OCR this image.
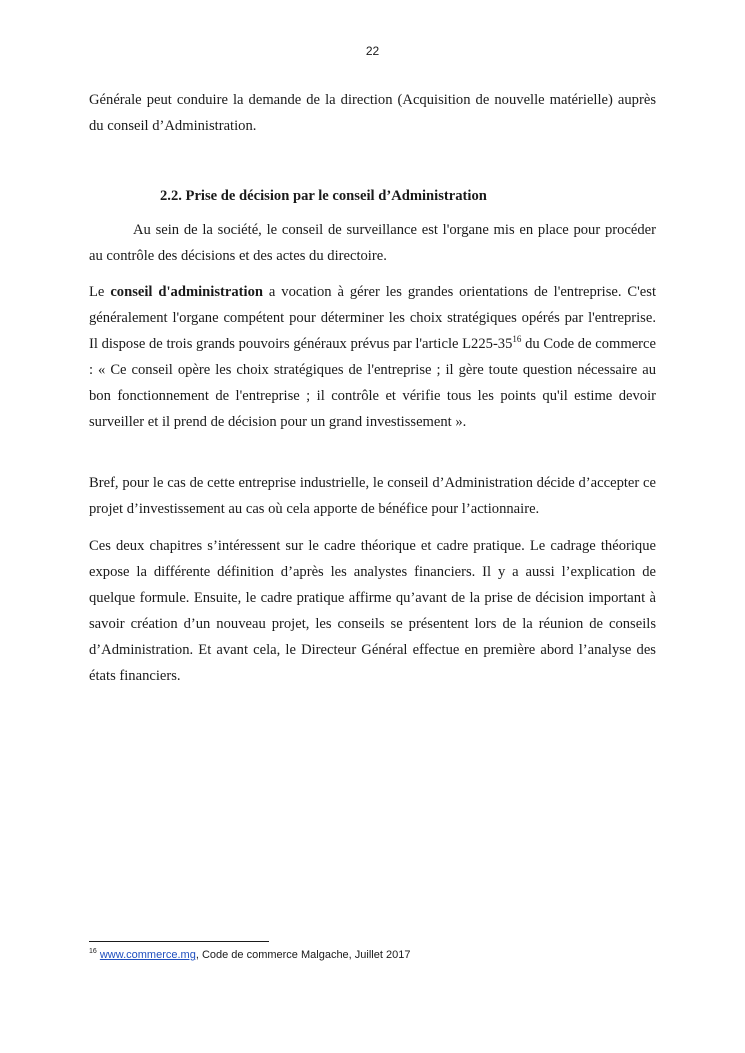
22

Générale peut conduire la demande de la direction (Acquisition de nouvelle matérielle) auprès du conseil d’Administration.

2.2. Prise de décision par le conseil d’Administration

Au sein de la société, le conseil de surveillance est l'organe mis en place pour procéder au contrôle des décisions et des actes du directoire.

Le conseil d'administration a vocation à gérer les grandes orientations de l'entreprise. C'est généralement l'organe compétent pour déterminer les choix stratégiques opérés par l'entreprise. Il dispose de trois grands pouvoirs généraux prévus par l'article $L225-35^{16}$ du Code de commerce : « Ce conseil opère les choix stratégiques de l'entreprise ; il gère toute question nécessaire au bon fonctionnement de l'entreprise ; il contrôle et vérifie tous les points qu'il estime devoir surveiller et il prend de décision pour un grand investissement ».

Bref, pour le cas de cette entreprise industrielle, le conseil d’Administration décide d’accepter ce projet d’investissement au cas où cela apporte de bénéfice pour l’actionnaire.

Ces deux chapitres s’intéressent sur le cadre théorique et cadre pratique. Le cadrage théorique expose la différente définition d’après les analystes financiers. Il y a aussi l’explication de quelque formule. Ensuite, le cadre pratique affirme qu’avant de la prise de décision important à savoir création d’un nouveau projet, les conseils se présentent lors de la réunion de conseils d’Administration. Et avant cela, le Directeur Général effectue en première abord l’analyse des états financiers.

$^{16}$ www.commerce.mg, Code de commerce Malgache, Juillet 2017
